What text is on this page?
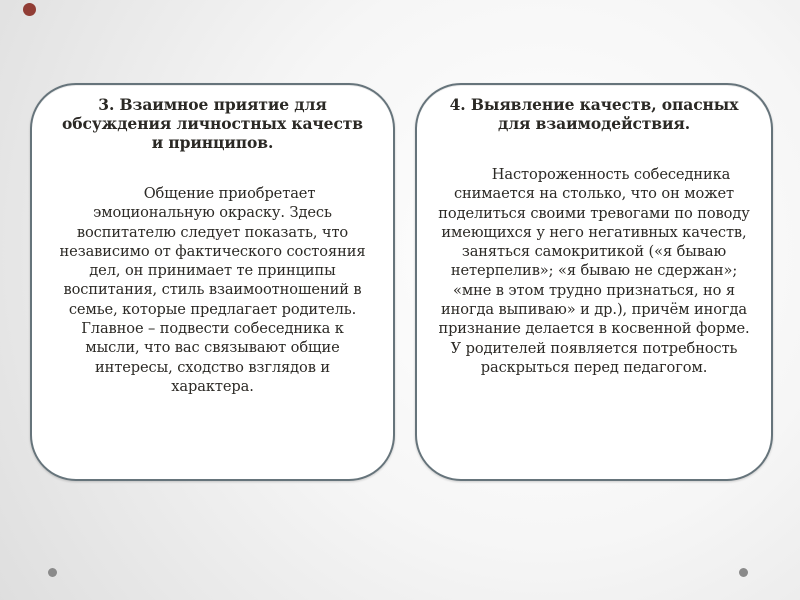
3. Взаимное приятие для обсуждения личностных качеств и принципов.

Общение приобретает эмоциональную окраску. Здесь воспитателю следует показать, что независимо от фактического состояния дел, он принимает те принципы воспитания, стиль взаимоотношений в семье, которые предлагает родитель. Главное – подвести собеседника к мысли, что вас связывают общие интересы, сходство взглядов и характера.

4. Выявление качеств, опасных для взаимодействия.

Настороженность собеседника снимается на столько, что он может поделиться своими тревогами по поводу имеющихся у него негативных качеств, заняться самокритикой («я бываю нетерпелив»; «я бываю не сдержан»; «мне в этом трудно признаться, но я иногда выпиваю» и др.), причём иногда признание делается в косвенной форме. У родителей появляется потребность раскрыться перед педагогом.
